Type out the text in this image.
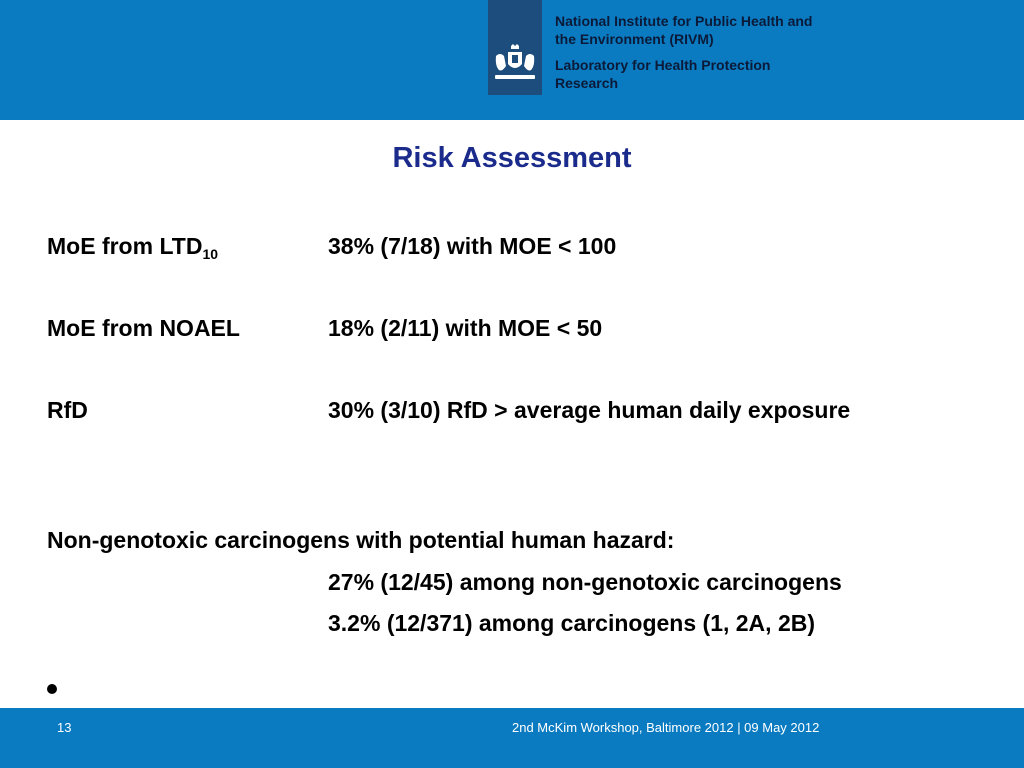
National Institute for Public Health and
the Environment (RIVM)
Laboratory for Health Protection
Research
Risk Assessment
MoE from $LTD_{10}$	38% (7/18) with MOE < 100
MoE from NOAEL	18% (2/11) with MOE < 50
RfD	30% (3/10) RfD > average human daily exposure
Non-genotoxic carcinogens with potential human hazard:
27% (12/45) among non-genotoxic carcinogens
3.2% (12/371) among carcinogens (1, 2A, 2B)
13	2nd McKim Workshop, Baltimore 2012 | 09 May 2012
